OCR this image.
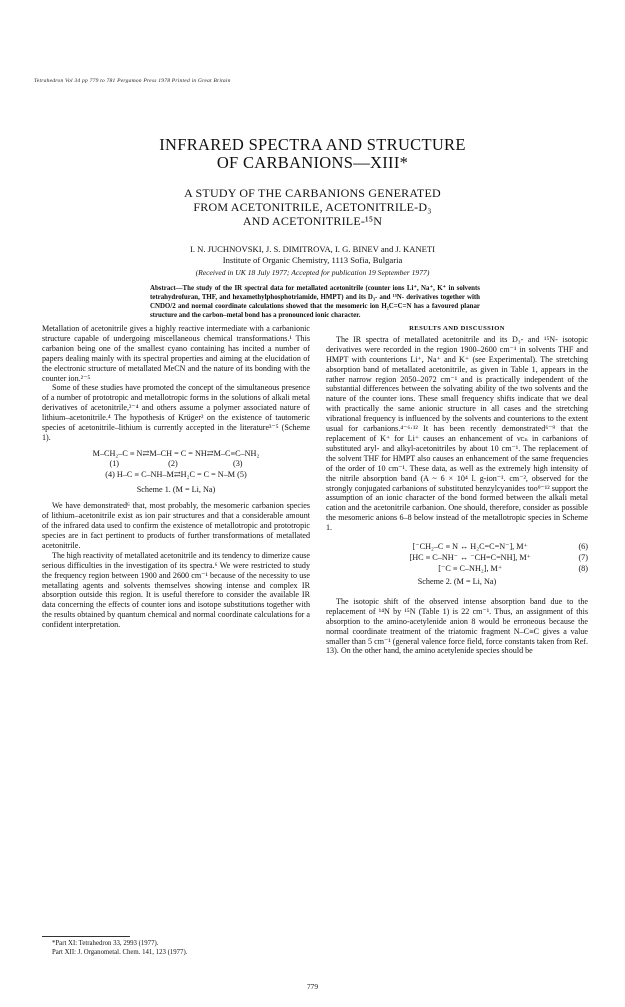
Tetrahedron Vol 34 pp 779 to 781 Pergamon Press 1978 Printed in Great Britain
INFRARED SPECTRA AND STRUCTURE
OF CARBANIONS—XIII*
A STUDY OF THE CARBANIONS GENERATED
FROM ACETONITRILE, ACETONITRILE-D₃
AND ACETONITRILE-¹⁵N
I. N. JUCHNOVSKI, J. S. DIMITROVA, I. G. BINEV and J. KANETI
Institute of Organic Chemistry, 1113 Sofia, Bulgaria
(Received in UK 18 July 1977; Accepted for publication 19 September 1977)
Abstract—The study of the IR spectral data for metallated acetonitrile (counter ions Li⁺, Na⁺, K⁺ in solvents tetrahydrofuran, THF, and hexamethylphosphotriamide, HMPT) and its D₃- and ¹⁵N- derivatives together with CNDO/2 and normal coordinate calculations showed that the mesomeric ion H₂C=C=N has a favoured planar structure and the carbon–metal bond has a pronounced ionic character.

Metallation of acetonitrile gives a highly reactive intermediate with a carbanionic structure capable of undergoing miscellaneous chemical transformations.¹ This carbanion being one of the smallest cyano containing has incited a number of papers dealing mainly with its spectral properties and aiming at the elucidation of the electronic structure of metallated MeCN and the nature of its bonding with the counter ion.²⁻⁵

Some of these studies have promoted the concept of the simultaneous presence of a number of prototropic and metallotropic forms in the solutions of alkali metal derivatives of acetonitrile,²⁻⁴ and others assume a polymer associated nature of lithium–acetonitrile.⁴ The hypothesis of Krüger² on the existence of tautomeric species of acetonitrile–lithium is currently accepted in the literature³⁻⁵ (Scheme 1).

M–CH₂–C ≡ N⇄M–CH = C = NH⇄M–C≡C–NH₂
(1)                        (2)                           (3)
(4) H–C ≡ C–NH–M⇄H₂C = C = N–M (5)
Scheme 1. (M = Li, Na)

We have demonstrated⁶ that, most probably, the mesomeric carbanion species of lithium–acetonitrile exist as ion pair structures and that a considerable amount of the infrared data used to confirm the existence of metallotropic and prototropic species are in fact pertinent to products of further transformations of metallated acetonitrile.

The high reactivity of metallated acetonitrile and its tendency to dimerize cause serious difficulties in the investigation of its spectra.⁶ We were restricted to study the frequency region between 1900 and 2600 cm⁻¹ because of the necessity to use metallating agents and solvents themselves showing intense and complex IR absorption outside this region. It is useful therefore to consider the available IR data concerning the effects of counter ions and isotope substitutions together with the results obtained by quantum chemical and normal coordinate calculations for a confident interpretation.

RESULTS AND DISCUSSION

The IR spectra of metallated acetonitrile and its D₃- and ¹⁵N- isotopic derivatives were recorded in the region 1900–2600 cm⁻¹ in solvents THF and HMPT with counterions Li⁺, Na⁺ and K⁺ (see Experimental). The stretching absorption band of metallated acetonitrile, as given in Table 1, appears in the rather narrow region 2050–2072 cm⁻¹ and is practically independent of the substantial differences between the solvating ability of the two solvents and the nature of the counter ions. These small frequency shifts indicate that we deal with practically the same anionic structure in all cases and the stretching vibrational frequency is influenced by the solvents and counterions to the extent usual for carbanions.⁴⁻⁶·¹² It has been recently demonstrated⁶⁻⁹ that the replacement of K⁺ for Li⁺ causes an enhancement of νᴄₙ in carbanions of substituted aryl- and alkyl-acetonitriles by about 10 cm⁻¹. The replacement of the solvent THF for HMPT also causes an enhancement of the same frequencies of the order of 10 cm⁻¹. These data, as well as the extremely high intensity of the nitrile absorption band (A ~ 6 × 10⁴ l. g-ion⁻¹. cm⁻², observed for the strongly conjugated carbanions of substituted benzylcyanides too⁹⁻¹² support the assumption of an ionic character of the bond formed between the alkali metal cation and the acetonitrile carbanion. One should, therefore, consider as possible the mesomeric anions 6–8 below instead of the metallotropic species in Scheme 1.

[⁻CH₂–C ≡ N ↔ H₂C=C=N⁻], M⁺	(6)
[HC ≡ C–NH⁻ ↔ ⁻CH=C=NH], M⁺	(7)
[⁻C ≡ C–NH₂], M⁺	(8)
Scheme 2. (M = Li, Na)

The isotopic shift of the observed intense absorption band due to the replacement of ¹⁴N by ¹⁵N (Table 1) is 22 cm⁻¹. Thus, an assignment of this absorption to the amino-acetylenide anion 8 would be erroneous because the normal coordinate treatment of the triatomic fragment N–C≡C gives a value smaller than 5 cm⁻¹ (general valence force field, force constants taken from Ref. 13). On the other hand, the amino acetylenide species should be

*Part XI: Tetrahedron 33, 2993 (1977).
Part XII: J. Organometal. Chem. 141, 123 (1977).
779
